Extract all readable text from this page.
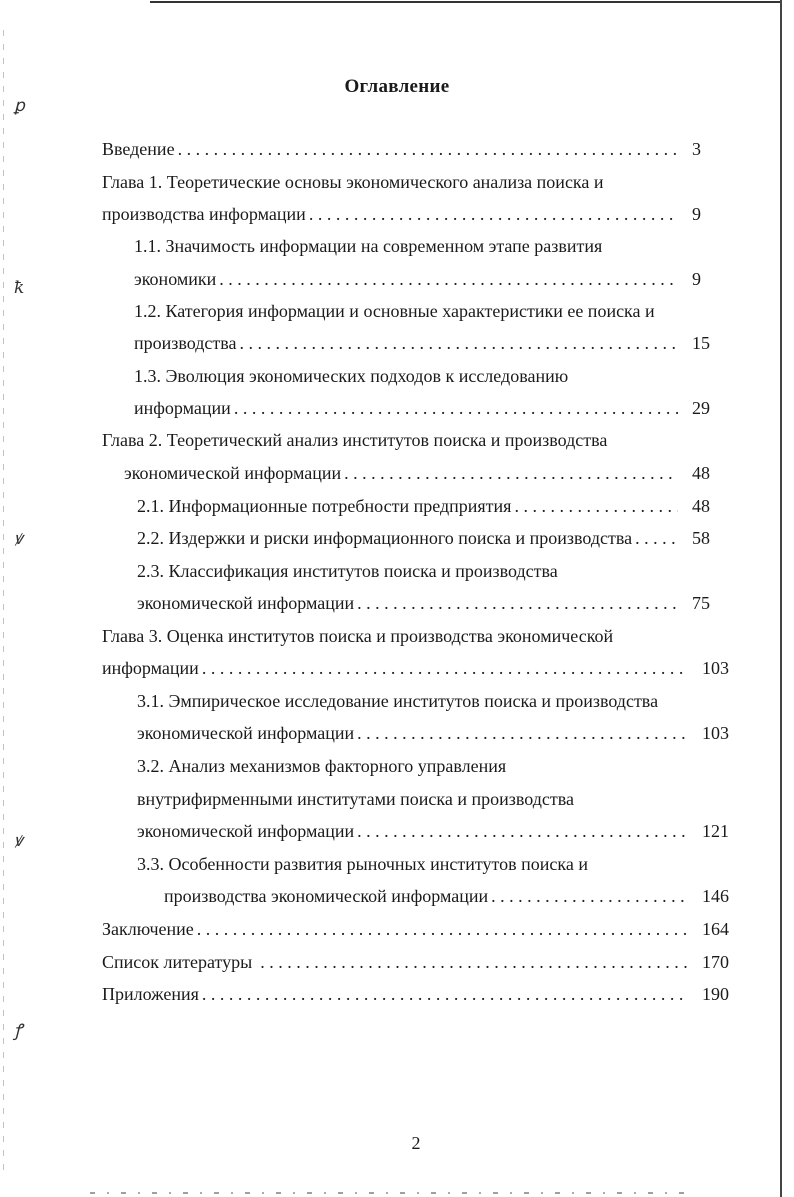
ꝑ
ꝁ
ꝟ
ꝟ
ꝭ
Оглавление
Введение . . .	3
Глава 1. Теоретические основы экономического анализа поиска и
производства информации . . .	9
1.1. Значимость информации на современном этапе развития
экономики . . .	9
1.2. Категория информации и основные характеристики ее поиска и
производства . . .	15
1.3. Эволюция экономических подходов к исследованию
информации . . .	29
Глава 2. Теоретический анализ институтов поиска и производства
экономической информации . . .	48
2.1. Информационные потребности предприятия . . .	48
2.2. Издержки и риски информационного поиска и производства . . .	58
2.3. Классификация институтов поиска и производства
экономической информации . . .	75
Глава 3. Оценка институтов поиска и производства экономической
информации . . .	103
3.1. Эмпирическое исследование институтов поиска и производства
экономической информации . . .	103
3.2. Анализ механизмов факторного управления
внутрифирменными институтами поиска и производства
экономической информации . . .	121
3.3. Особенности развития рыночных институтов поиска и
производства экономической информации . . .	146
Заключение . . .	164
Список литературы . . .	170
Приложения . . .	190
2
